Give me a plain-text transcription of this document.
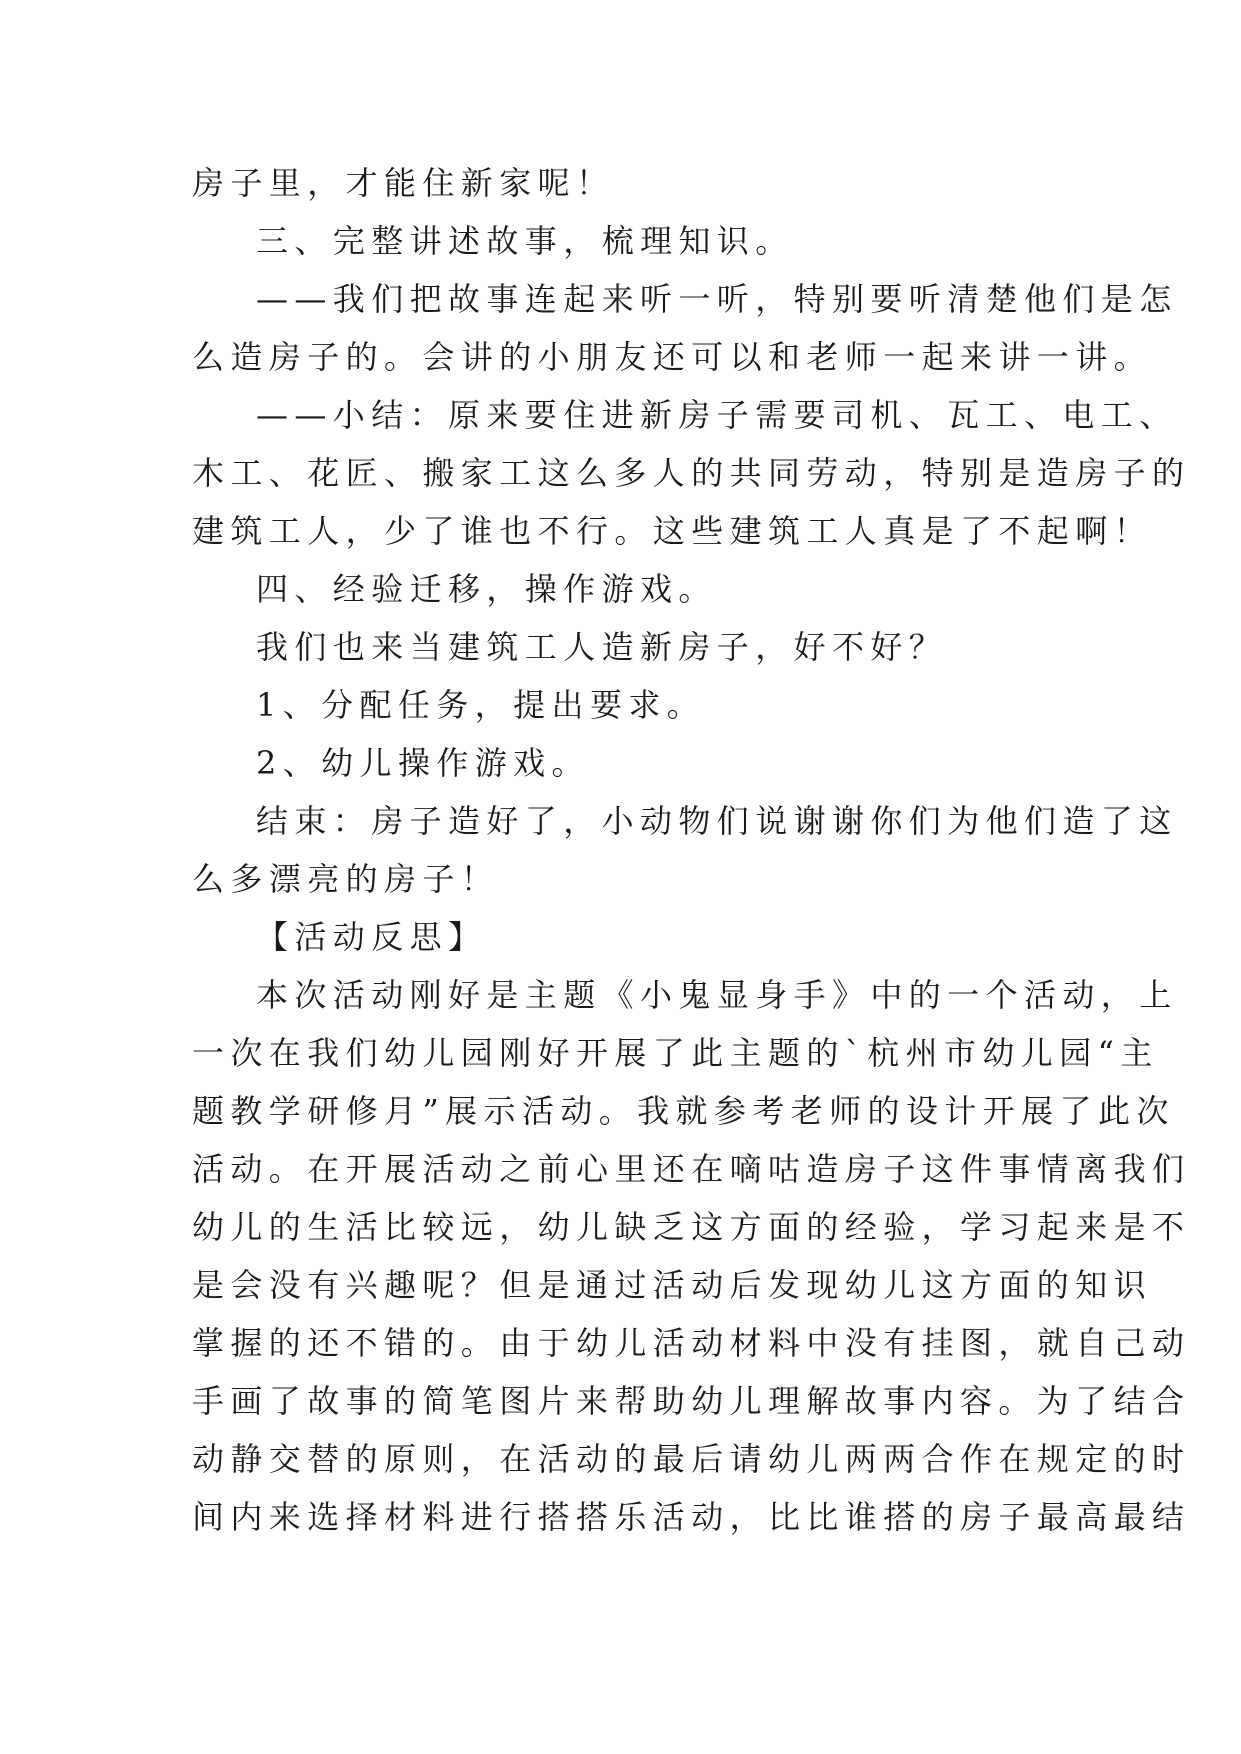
房子里，才能住新家呢！
三、完整讲述故事，梳理知识。
——我们把故事连起来听一听，特别要听清楚他们是怎
么造房子的。会讲的小朋友还可以和老师一起来讲一讲。
——小结：原来要住进新房子需要司机、瓦工、电工、
木工、花匠、搬家工这么多人的共同劳动，特别是造房子的
建筑工人，少了谁也不行。这些建筑工人真是了不起啊！
四、经验迁移，操作游戏。
我们也来当建筑工人造新房子，好不好？
1、分配任务，提出要求。
2、幼儿操作游戏。
结束：房子造好了，小动物们说谢谢你们为他们造了这
么多漂亮的房子！
【活动反思】
本次活动刚好是主题《小鬼显身手》中的一个活动，上
一次在我们幼儿园刚好开展了此主题的`杭州市幼儿园“主
题教学研修月”展示活动。我就参考老师的设计开展了此次
活动。在开展活动之前心里还在嘀咕造房子这件事情离我们
幼儿的生活比较远，幼儿缺乏这方面的经验，学习起来是不
是会没有兴趣呢？但是通过活动后发现幼儿这方面的知识
掌握的还不错的。由于幼儿活动材料中没有挂图，就自己动
手画了故事的简笔图片来帮助幼儿理解故事内容。为了结合
动静交替的原则，在活动的最后请幼儿两两合作在规定的时
间内来选择材料进行搭搭乐活动，比比谁搭的房子最高最结
